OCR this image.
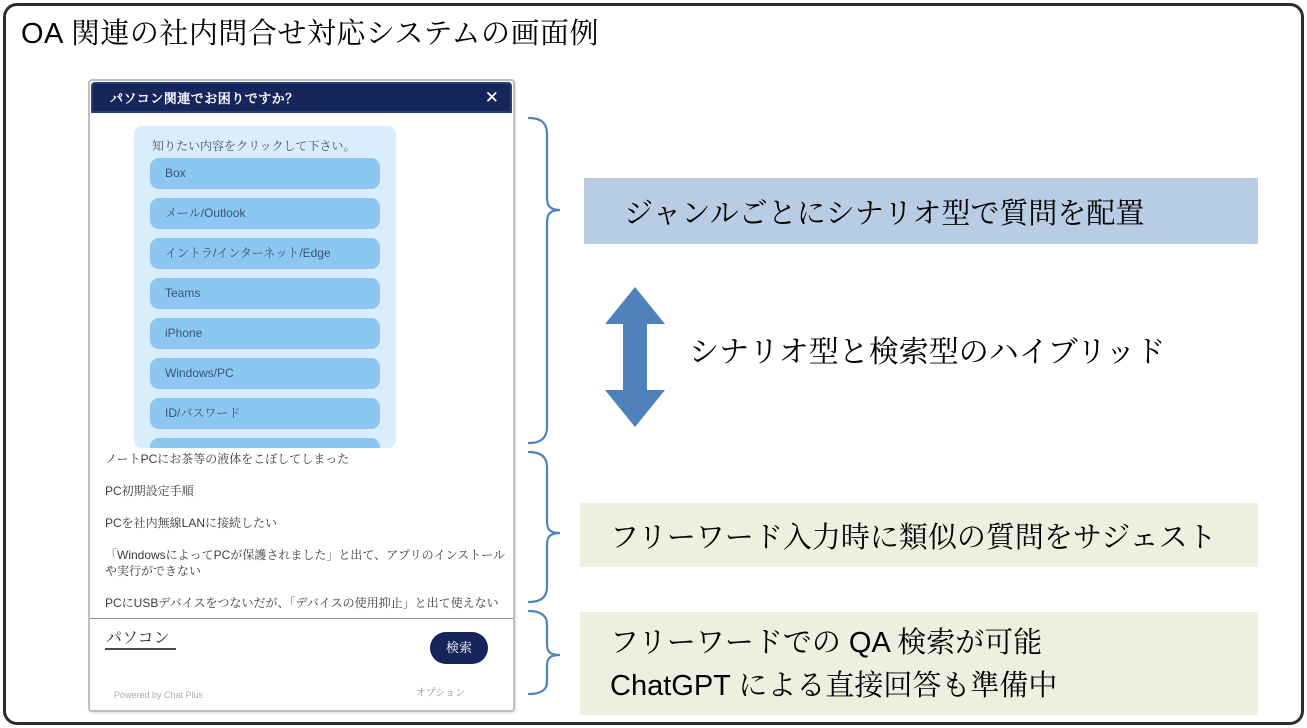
OA 関連の社内問合せ対応システムの画面例
パソコン関連でお困りですか？	✕
知りたい内容をクリックして下さい。
Box
メール/Outlook
イントラ/インターネット/Edge
Teams
iPhone
Windows/PC
ID/パスワード
ノートPCにお茶等の液体をこぼしてしまった
PC初期設定手順
PCを社内無線LANに接続したい
「WindowsによってPCが保護されました」と出て、アプリのインストールや実行ができない
PCにUSBデバイスをつないだが、「デバイスの使用抑止」と出て使えない
パソコン
検索
Powered by Chat Plus	オプション
ジャンルごとにシナリオ型で質問を配置
シナリオ型と検索型のハイブリッド
フリーワード入力時に類似の質問をサジェスト
フリーワードでの QA 検索が可能
ChatGPT による直接回答も準備中
